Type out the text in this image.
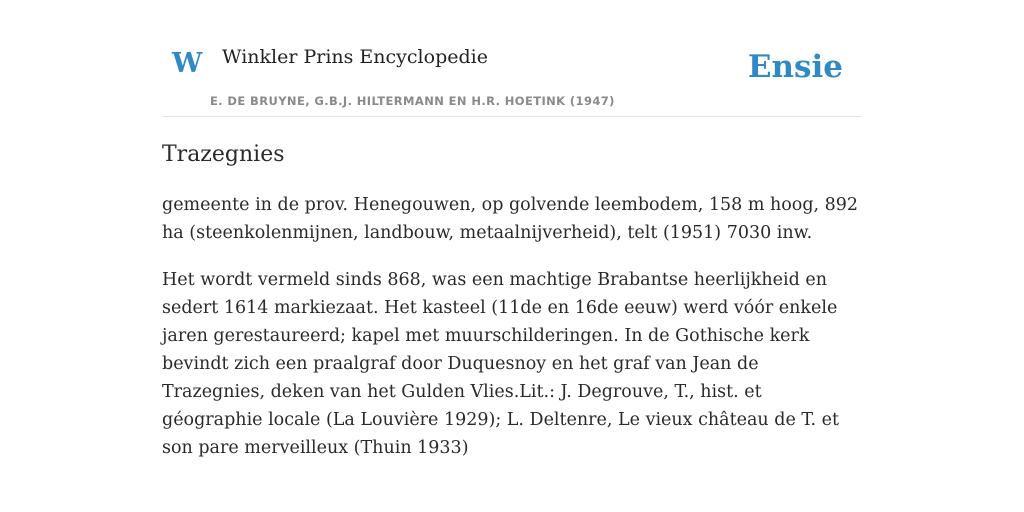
W Winkler Prins Encyclopedie
E. DE BRUYNE, G.B.J. HILTERMANN EN H.R. HOETINK (1947)
Ensie
Trazegnies

gemeente in de prov. Henegouwen, op golvende leembodem, 158 m hoog, 892 ha (steenkolenmijnen, landbouw, metaalnijverheid), telt (1951) 7030 inw.

Het wordt vermeld sinds 868, was een machtige Brabantse heerlijkheid en sedert 1614 markiezaat. Het kasteel (11de en 16de eeuw) werd vóór enkele jaren gerestaureerd; kapel met muurschilderingen. In de Gothische kerk bevindt zich een praalgraf door Duquesnoy en het graf van Jean de Trazegnies, deken van het Gulden Vlies.Lit.: J. Degrouve, T., hist. et géographie locale (La Louvière 1929); L. Deltenre, Le vieux château de T. et son pare merveilleux (Thuin 1933)
